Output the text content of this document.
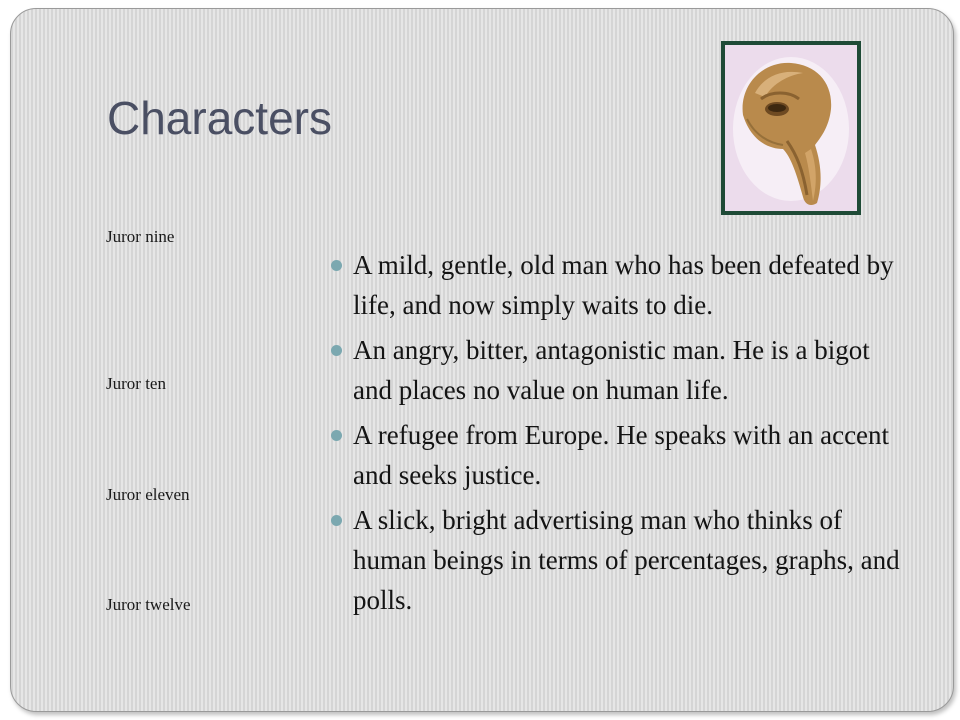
Characters
Juror nine
Juror ten
Juror eleven
Juror twelve
A mild, gentle, old man who has been defeated by life, and now simply waits to die.
An angry, bitter, antagonistic man. He is a bigot and places no value on human life.
A refugee from Europe. He speaks with an accent and seeks justice.
A slick, bright advertising man who thinks of human beings in terms of percentages, graphs, and polls.
